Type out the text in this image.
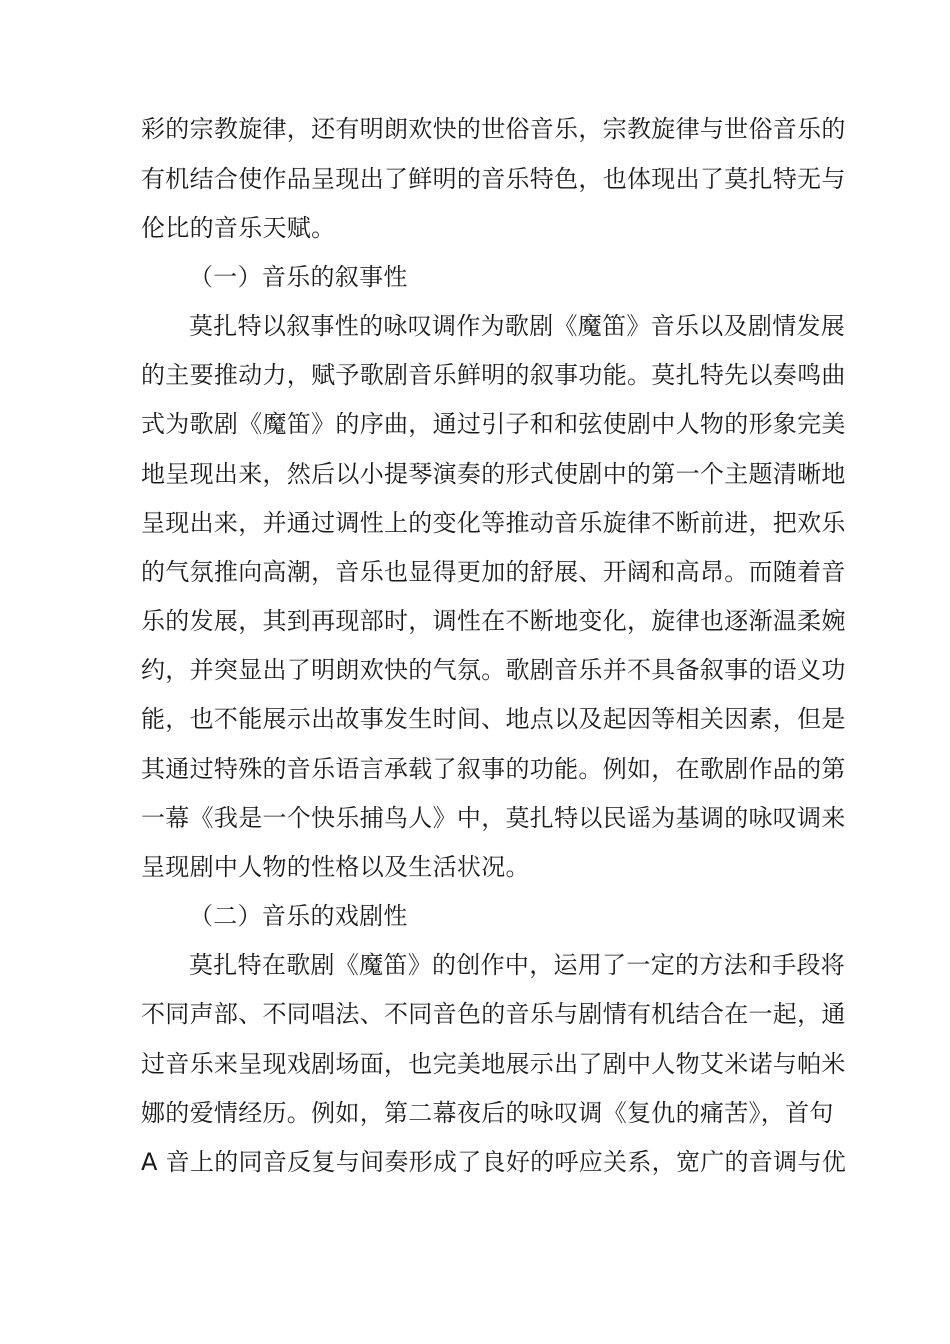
彩的宗教旋律，还有明朗欢快的世俗音乐，宗教旋律与世俗音乐的

有机结合使作品呈现出了鲜明的音乐特色，也体现出了莫扎特无与

伦比的音乐天赋。

（一）音乐的叙事性

莫扎特以叙事性的咏叹调作为歌剧《魔笛》音乐以及剧情发展

的主要推动力，赋予歌剧音乐鲜明的叙事功能。莫扎特先以奏鸣曲

式为歌剧《魔笛》的序曲，通过引子和和弦使剧中人物的形象完美

地呈现出来，然后以小提琴演奏的形式使剧中的第一个主题清晰地

呈现出来，并通过调性上的变化等推动音乐旋律不断前进，把欢乐

的气氛推向高潮，音乐也显得更加的舒展、开阔和高昂。而随着音

乐的发展，其到再现部时，调性在不断地变化，旋律也逐渐温柔婉

约，并突显出了明朗欢快的气氛。歌剧音乐并不具备叙事的语义功

能，也不能展示出故事发生时间、地点以及起因等相关因素，但是

其通过特殊的音乐语言承载了叙事的功能。例如，在歌剧作品的第

一幕《我是一个快乐捕鸟人》中，莫扎特以民谣为基调的咏叹调来

呈现剧中人物的性格以及生活状况。

（二）音乐的戏剧性

莫扎特在歌剧《魔笛》的创作中，运用了一定的方法和手段将

不同声部、不同唱法、不同音色的音乐与剧情有机结合在一起，通

过音乐来呈现戏剧场面，也完美地展示出了剧中人物艾米诺与帕米

娜的爱情经历。例如，第二幕夜后的咏叹调《复仇的痛苦》，首句

A 音上的同音反复与间奏形成了良好的呼应关系，宽广的音调与优
